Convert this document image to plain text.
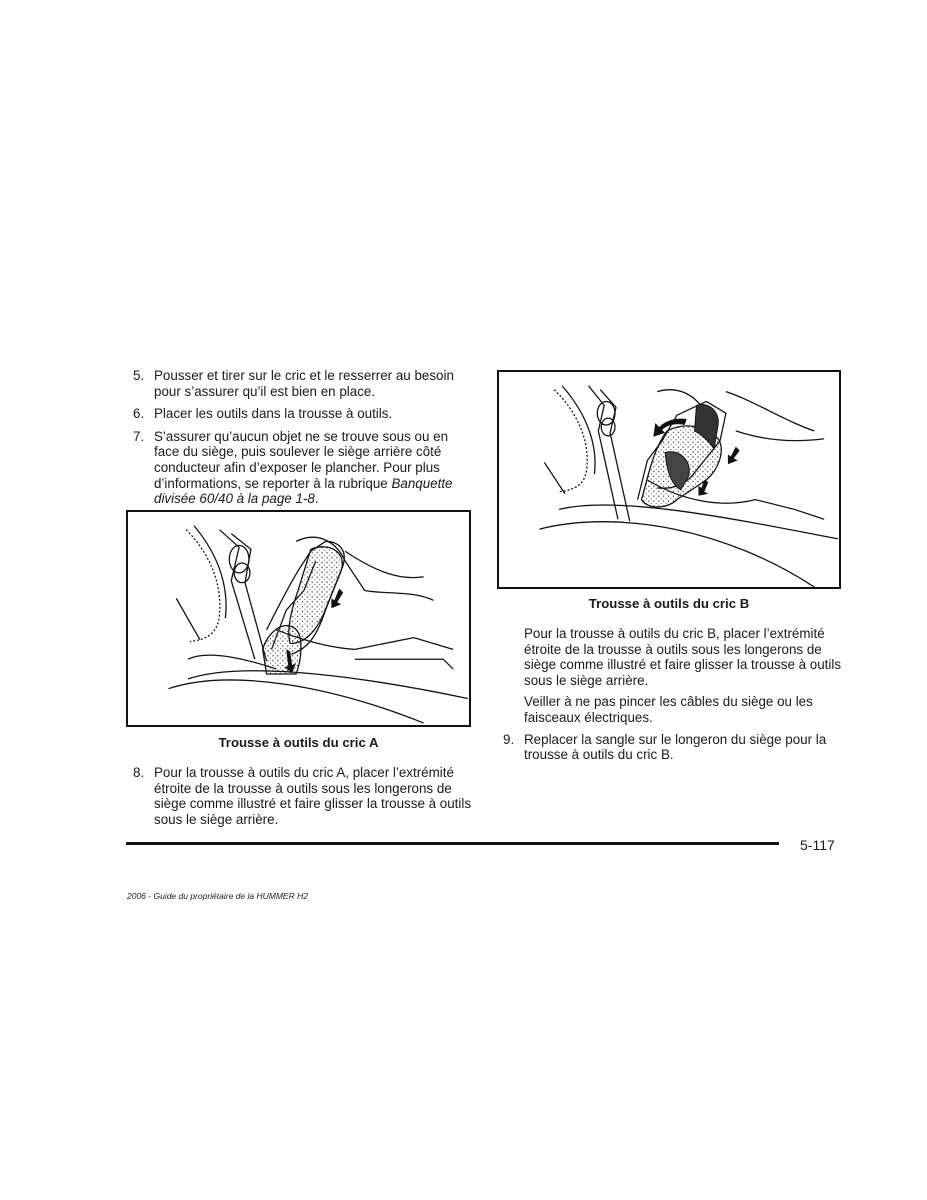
5. Pousser et tirer sur le cric et le resserrer au besoin pour s’assurer qu’il est bien en place.
6. Placer les outils dans la trousse à outils.
7. S’assurer qu’aucun objet ne se trouve sous ou en face du siège, puis soulever le siège arrière côté conducteur afin d’exposer le plancher. Pour plus d’informations, se reporter à la rubrique Banquette divisée 60/40 à la page 1-8.
Trousse à outils du cric A
8. Pour la trousse à outils du cric A, placer l’extrémité étroite de la trousse à outils sous les longerons de siège comme illustré et faire glisser la trousse à outils sous le siège arrière.
Trousse à outils du cric B
Pour la trousse à outils du cric B, placer l’extrémité étroite de la trousse à outils sous les longerons de siège comme illustré et faire glisser la trousse à outils sous le siège arrière.
Veiller à ne pas pincer les câbles du siège ou les faisceaux électriques.
9. Replacer la sangle sur le longeron du siège pour la trousse à outils du cric B.
5-117
2006 - Guide du propriétaire de la HUMMER H2
